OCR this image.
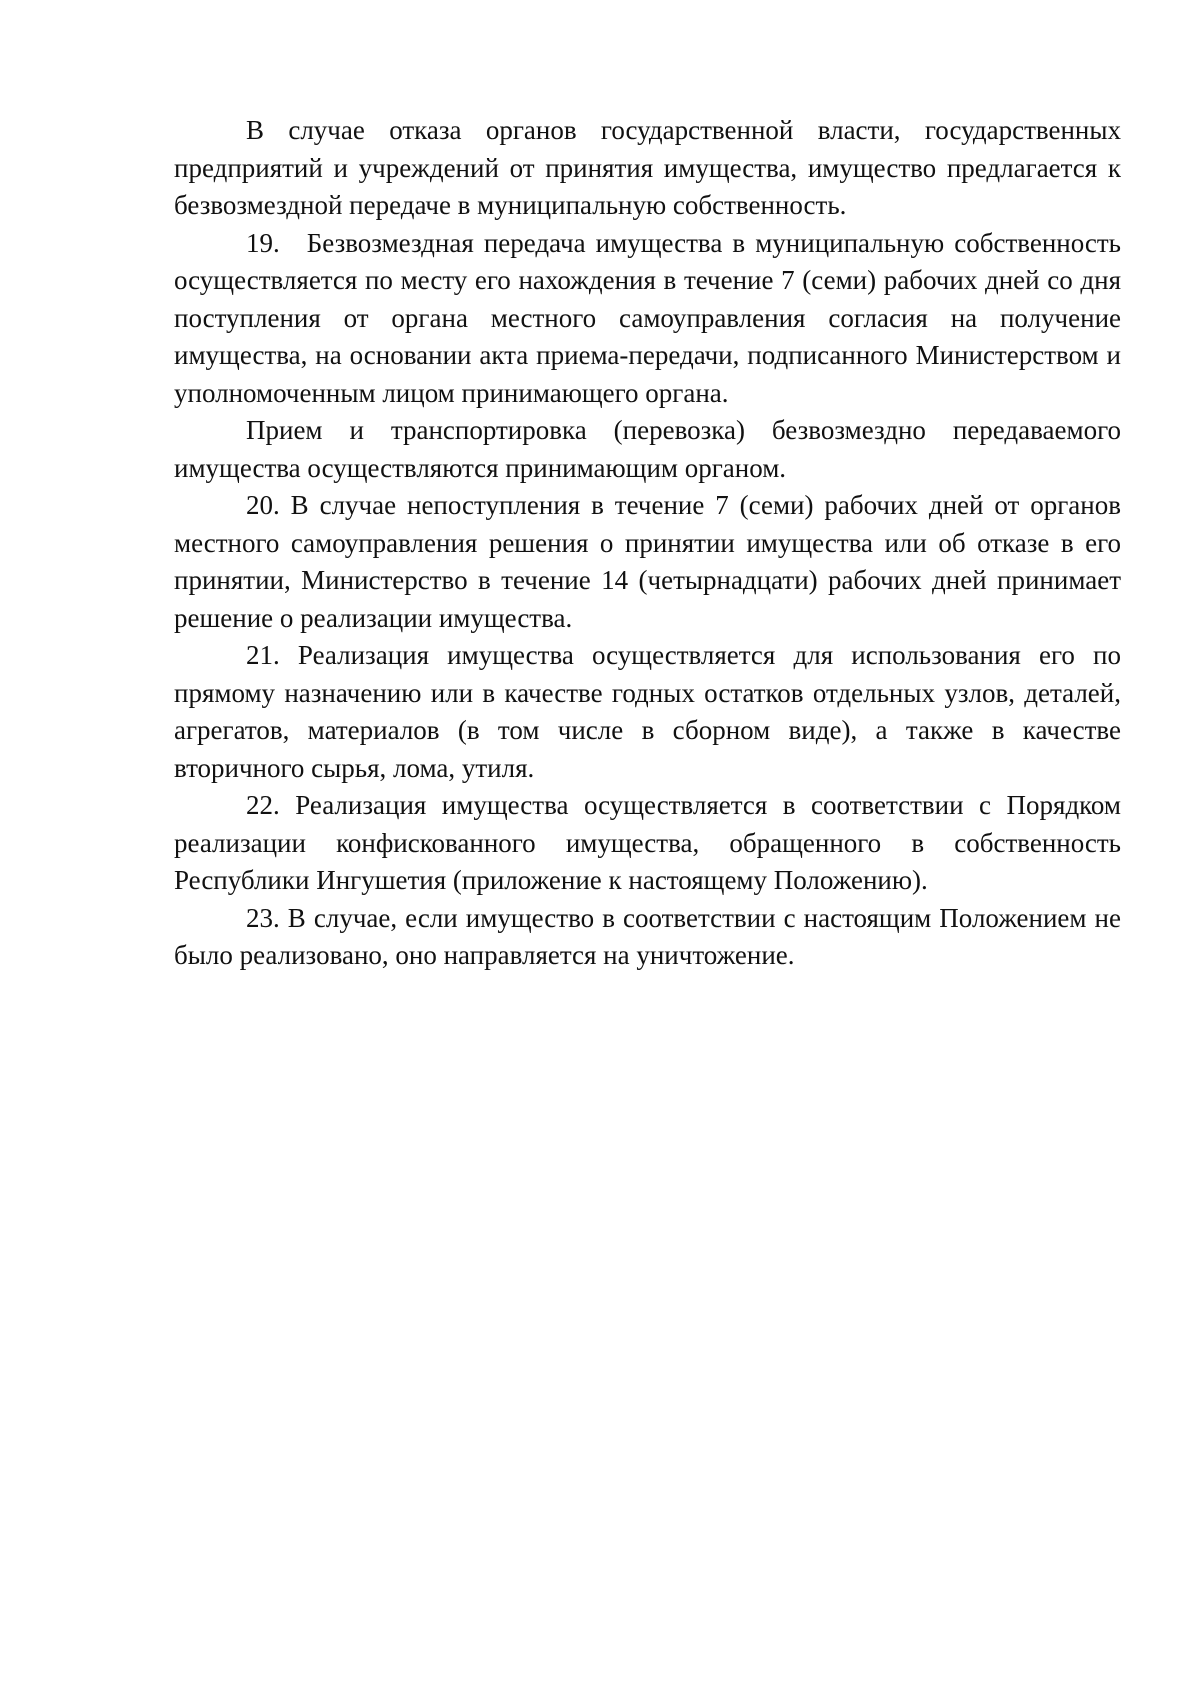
В случае отказа органов государственной власти, государственных предприятий и учреждений от принятия имущества, имущество предлагается к безвозмездной передаче в муниципальную собственность.

19. Безвозмездная передача имущества в муниципальную собственность осуществляется по месту его нахождения в течение 7 (семи) рабочих дней со дня поступления от органа местного самоуправления согласия на получение имущества, на основании акта приема-передачи, подписанного Министерством и уполномоченным лицом принимающего органа.

Прием и транспортировка (перевозка) безвозмездно передаваемого имущества осуществляются принимающим органом.

20. В случае непоступления в течение 7 (семи) рабочих дней от органов местного самоуправления решения о принятии имущества или об отказе в его принятии, Министерство в течение 14 (четырнадцати) рабочих дней принимает решение о реализации имущества.

21. Реализация имущества осуществляется для использования его по прямому назначению или в качестве годных остатков отдельных узлов, деталей, агрегатов, материалов (в том числе в сборном виде), а также в качестве вторичного сырья, лома, утиля.

22. Реализация имущества осуществляется в соответствии с Порядком реализации конфискованного имущества, обращенного в собственность Республики Ингушетия (приложение к настоящему Положению).

23. В случае, если имущество в соответствии с настоящим Положением не было реализовано, оно направляется на уничтожение.
